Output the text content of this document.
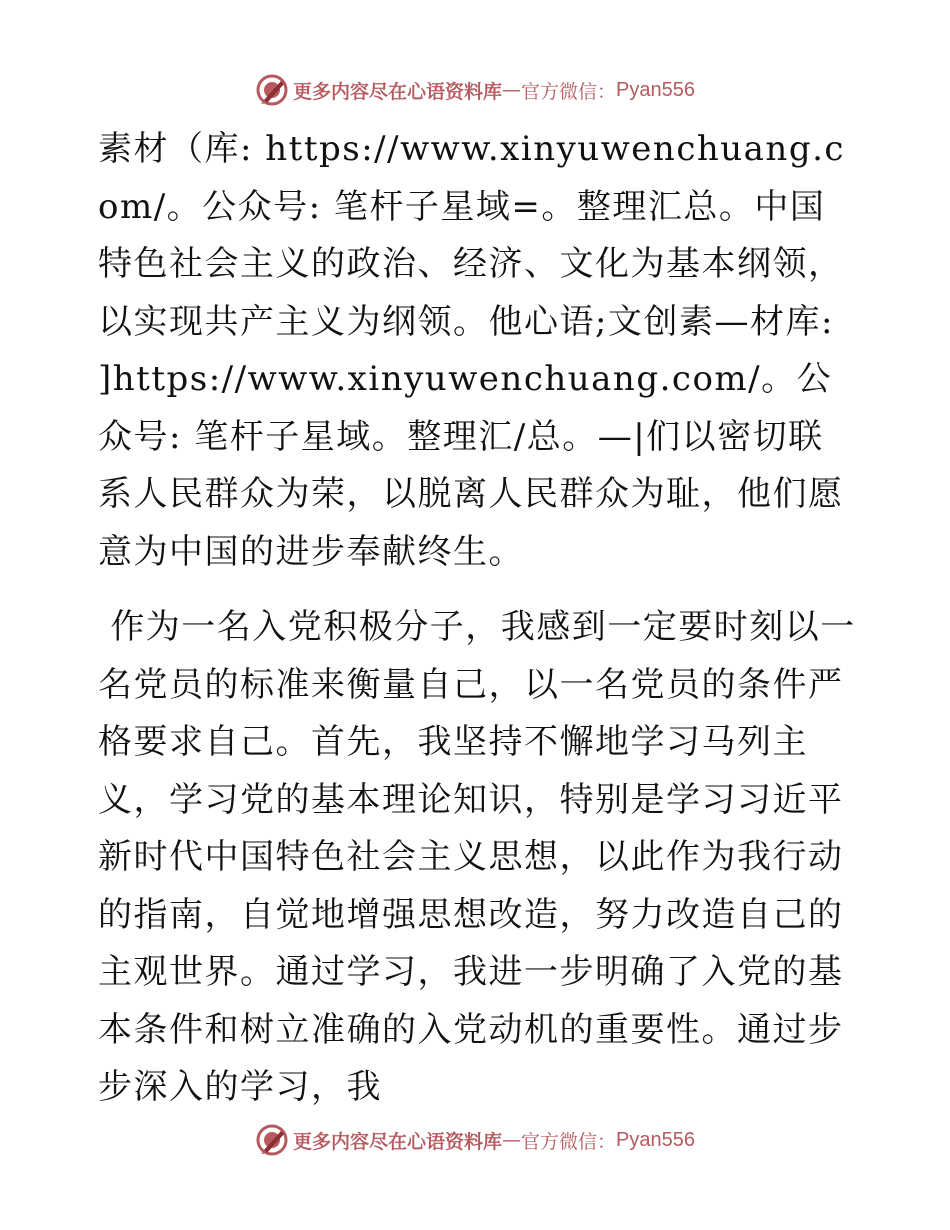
更多内容尽在心语资料库 — 官方微信： Pyan556

素材（库: https://www.xinyuwenchuang.com/。公众号: 笔杆子星域=。整理汇总。中国特色社会主义的政治、经济、文化为基本纲领，以实现共产主义为纲领。他心语;文创素—材库: ]https://www.xinyuwenchuang.com/。公众号: 笔杆子星域。整理汇/总。—|们以密切联系人民群众为荣，以脱离人民群众为耻，他们愿意为中国的进步奉献终生。

作为一名入党积极分子，我感到一定要时刻以一名党员的标准来衡量自己，以一名党员的条件严格要求自己。首先，我坚持不懈地学习马列主义，学习党的基本理论知识，特别是学习习近平新时代中国特色社会主义思想，以此作为我行动的指南，自觉地增强思想改造，努力改造自己的主观世界。通过学习，我进一步明确了入党的基本条件和树立准确的入党动机的重要性。通过步步深入的学习，我

更多内容尽在心语资料库 — 官方微信： Pyan556
